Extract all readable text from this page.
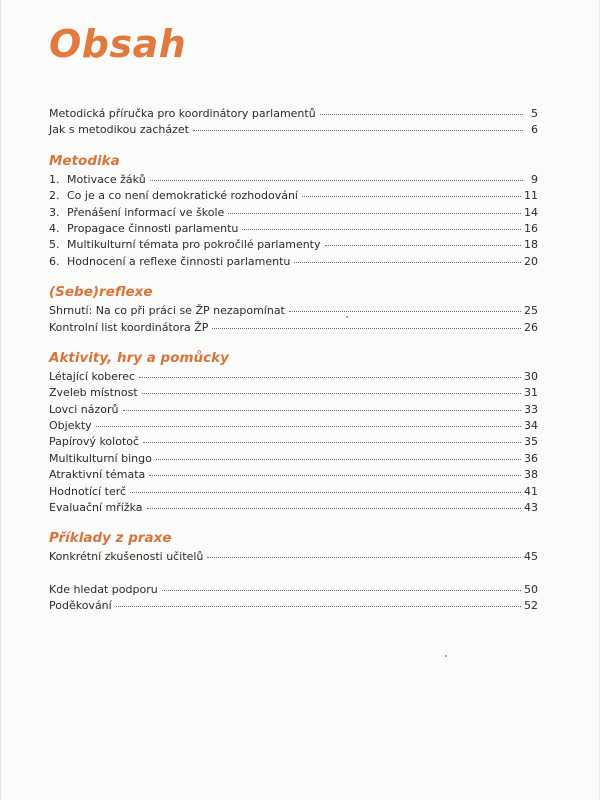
Obsah
Metodická příručka pro koordinátory parlamentů	5
Jak s metodikou zacházet	6
Metodika
1. Motivace žáků	9
2. Co je a co není demokratické rozhodování	11
3. Přenášení informací ve škole	14
4. Propagace činnosti parlamentu	16
5. Multikulturní témata pro pokročilé parlamenty	18
6. Hodnocení a reflexe činnosti parlamentu	20
(Sebe)reflexe
Shrnutí: Na co při práci se ŽP nezapomínat	25
Kontrolní list koordinátora ŽP	26
Aktivity, hry a pomůcky
Létající koberec	30
Zveleb místnost	31
Lovci názorů	33
Objekty	34
Papírový kolotoč	35
Multikulturní bingo	36
Atraktivní témata	38
Hodnotící terč	41
Evaluační mřížka	43
Příklady z praxe
Konkrétní zkušenosti učitelů	45
Kde hledat podporu	50
Poděkování	52
